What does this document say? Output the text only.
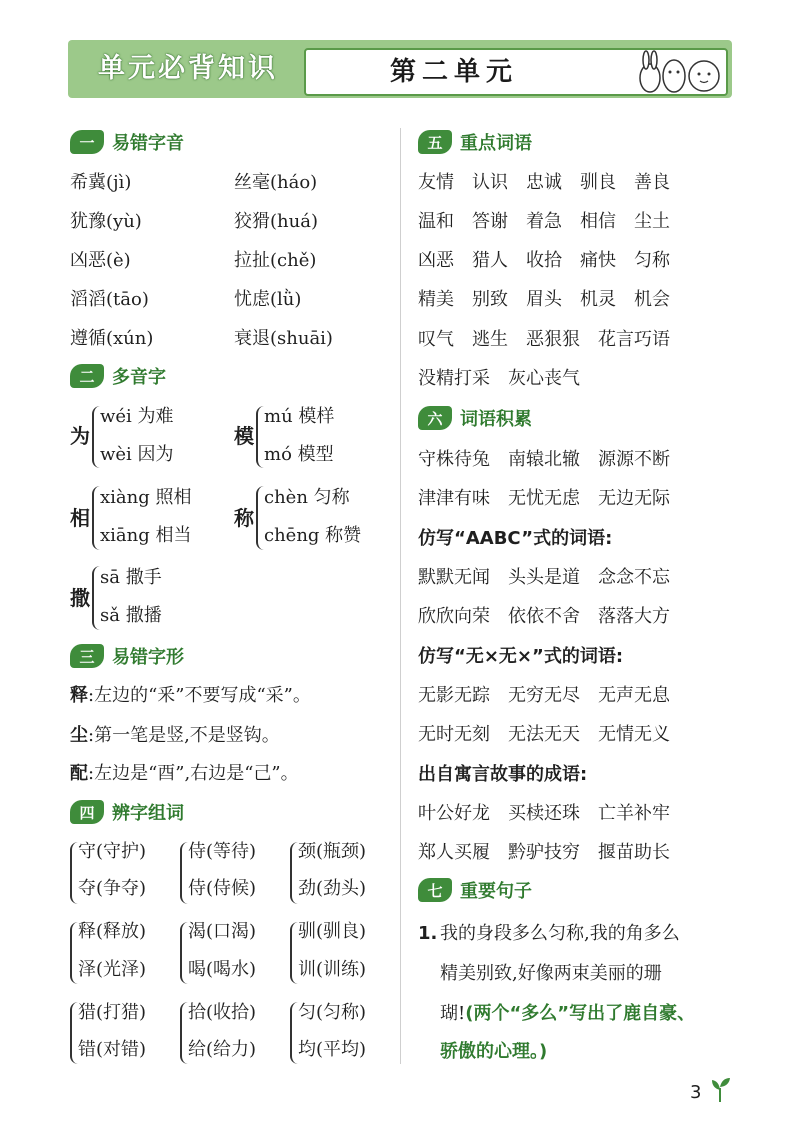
单元必背知识	第二单元
一 易错字音
希冀(jì)	丝毫(háo)
犹豫(yù)	狡猾(huá)
凶恶(è)	拉扯(chě)
滔滔(tāo)	忧虑(lǜ)
遵循(xún)	衰退(shuāi)
二 多音字
为
wéi 为难
wèi 因为
模
mú 模样
mó 模型
相
xiàng 照相
xiāng 相当
称
chèn 匀称
chēng 称赞
撒
sā 撒手
sǎ 撒播
三 易错字形
释:左边的“釆”不要写成“采”。
尘:第一笔是竖,不是竖钩。
配:左边是“酉”,右边是“己”。
四 辨字组词
守(守护) 侍(等待) 颈(瓶颈)
夺(争夺) 侍(侍候) 劲(劲头)
释(释放) 渴(口渴) 驯(驯良)
泽(光泽) 喝(喝水) 训(训练)
猎(打猎) 拾(收拾) 匀(匀称)
错(对错) 给(给力) 均(平均)
五 重点词语
友情　认识　忠诚　驯良　善良
温和　答谢　着急　相信　尘土
凶恶　猎人　收拾　痛快　匀称
精美　别致　眉头　机灵　机会
叹气　逃生　恶狠狠　花言巧语
没精打采　灰心丧气
六 词语积累
守株待兔　南辕北辙　源源不断
津津有味　无忧无虑　无边无际
仿写“AABC”式的词语:
默默无闻　头头是道　念念不忘
欣欣向荣　依依不舍　落落大方
仿写“无×无×”式的词语:
无影无踪　无穷无尽　无声无息
无时无刻　无法无天　无情无义
出自寓言故事的成语:
叶公好龙　买椟还珠　亡羊补牢
郑人买履　黔驴技穷　揠苗助长
七 重要句子
1. 我的身段多么匀称,我的角多么
精美别致,好像两束美丽的珊
瑚!(两个“多么”写出了鹿自豪、
骄傲的心理。)
3
